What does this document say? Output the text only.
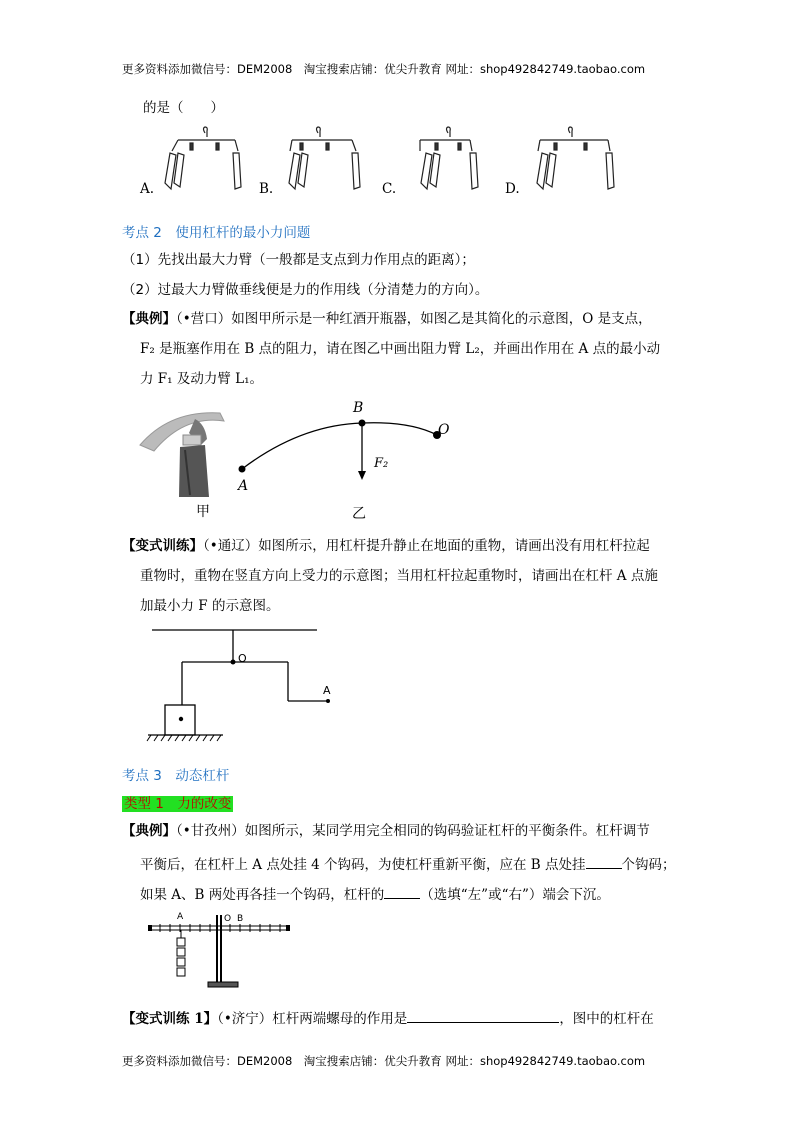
更多资料添加微信号：DEM2008　淘宝搜索店铺：优尖升教育 网址：shop492842749.taobao.com
的是（　　）
A.	B.	C.	D.
考点 2　使用杠杆的最小力问题
（1）先找出最大力臂（一般都是支点到力作用点的距离）；
（2）过最大力臂做垂线便是力的作用线（分清楚力的方向）。
【典例】（•营口）如图甲所示是一种红酒开瓶器，如图乙是其简化的示意图，O 是支点，
F₂ 是瓶塞作用在 B 点的阻力，请在图乙中画出阻力臂 L₂，并画出作用在 A 点的最小动
力 F₁ 及动力臂 L₁。
甲
A
B
O
F₂
乙
【变式训练】（•通辽）如图所示，用杠杆提升静止在地面的重物，请画出没有用杠杆拉起
重物时，重物在竖直方向上受力的示意图；当用杠杆拉起重物时，请画出在杠杆 A 点施
加最小力 F 的示意图。
O
A
考点 3　动态杠杆
类型 1　力的改变
【典例】（•甘孜州）如图所示，某同学用完全相同的钩码验证杠杆的平衡条件。杠杆调节
平衡后，在杠杆上 A 点处挂 4 个钩码，为使杠杆重新平衡，应在 B 点处挂	个钩码；
如果 A、B 两处再各挂一个钩码，杠杆的	（选填“左”或“右”）端会下沉。
A	O B
【变式训练 1】（•济宁）杠杆两端螺母的作用是	，图中的杠杆在
更多资料添加微信号：DEM2008　淘宝搜索店铺：优尖升教育 网址：shop492842749.taobao.com
